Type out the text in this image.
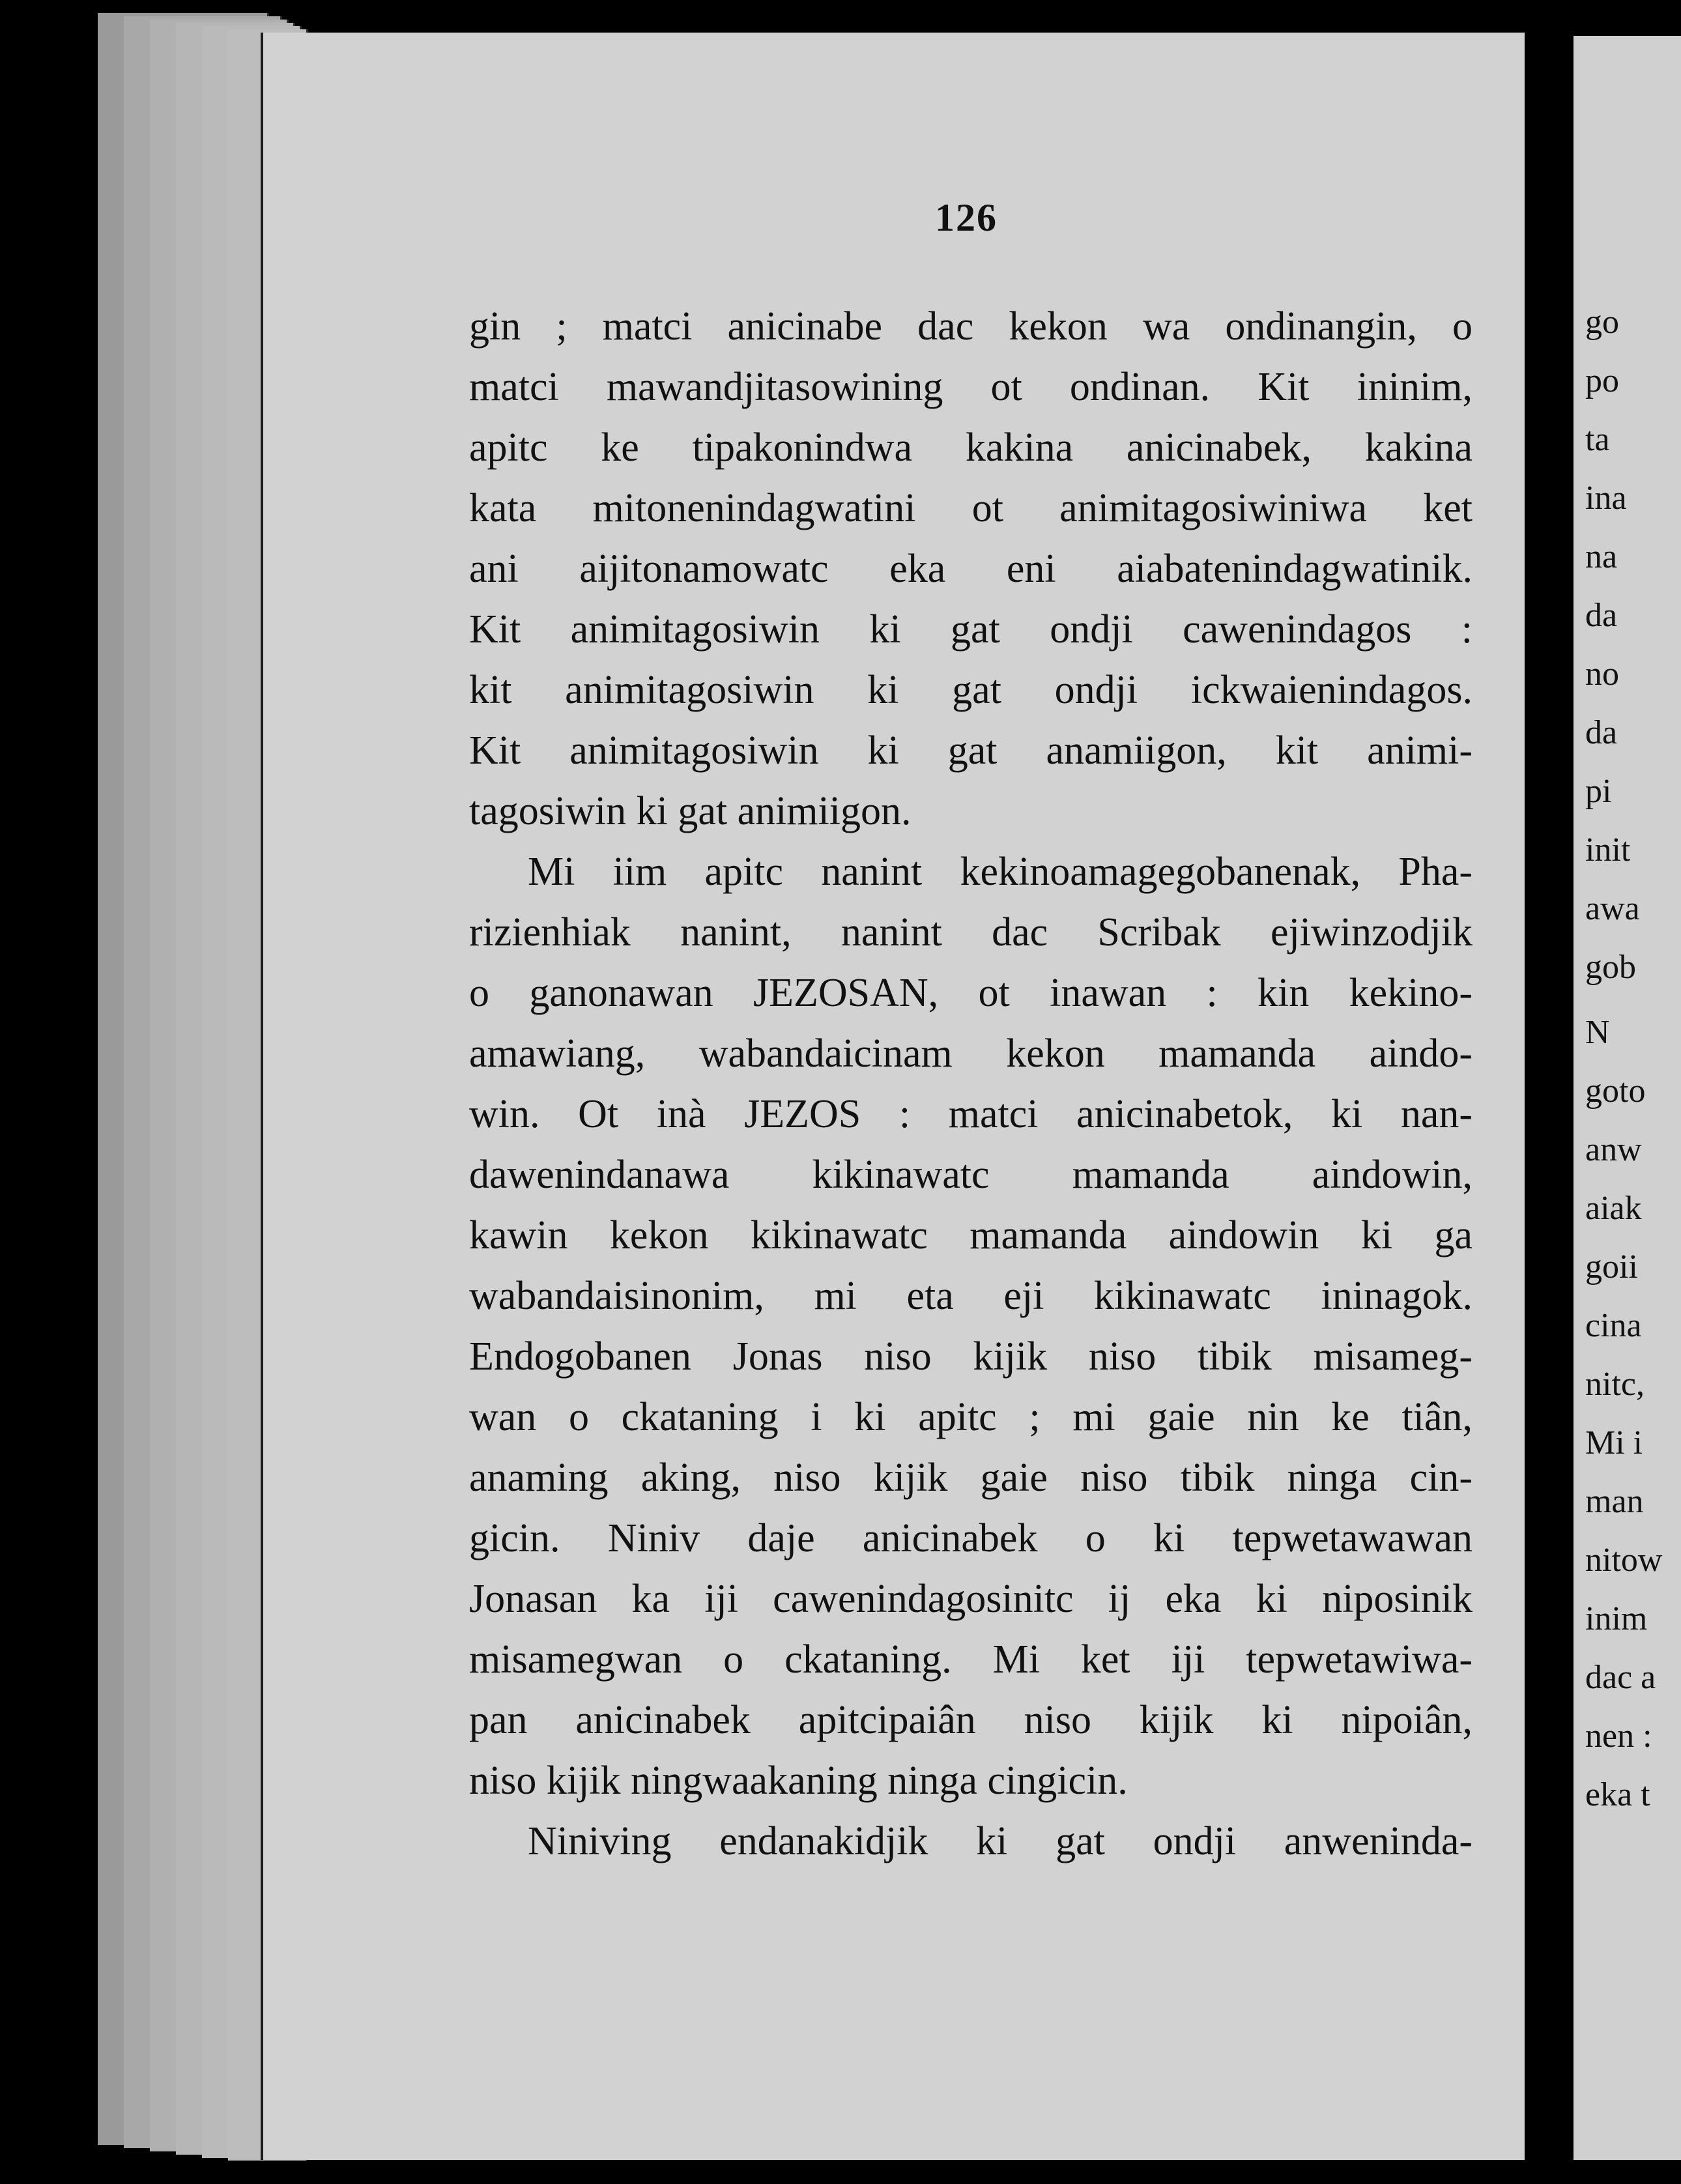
126
gin ; matci anicinabe dac kekon wa ondinangin, o
matci mawandjitasowining ot ondinan. Kit ininim,
apitc ke tipakonindwa kakina anicinabek, kakina
kata mitonenindagwatini ot animitagosiwiniwa ket
ani aijitonamowatc eka eni aiabatenindagwatinik.
Kit animitagosiwin ki gat ondji cawenindagos :
kit animitagosiwin ki gat ondji ickwaienindagos.
Kit animitagosiwin ki gat anamiigon, kit animi-
tagosiwin ki gat animiigon.
Mi iim apitc nanint kekinoamagegobanenak, Pha-
rizienhiak nanint, nanint dac Scribak ejiwinzodjik
o ganonawan JEZOSAN, ot inawan : kin kekino-
amawiang, wabandaicinam kekon mamanda aindo-
win. Ot inà JEZOS : matci anicinabetok, ki nan-
dawenindanawa kikinawatc mamanda aindowin,
kawin kekon kikinawatc mamanda aindowin ki ga
wabandaisinonim, mi eta eji kikinawatc ininagok.
Endogobanen Jonas niso kijik niso tibik misameg-
wan o ckataning i ki apitc ; mi gaie nin ke tiân,
anaming aking, niso kijik gaie niso tibik ninga cin-
gicin. Niniv daje anicinabek o ki tepwetawawan
Jonasan ka iji cawenindagosinitc ij eka ki niposinik
misamegwan o ckataning. Mi ket iji tepwetawiwa-
pan anicinabek apitcipaiân niso kijik ki nipoiân,
niso kijik ningwaakaning ninga cingicin.
Niniving endanakidjik ki gat ondji anweninda-
go
po
ta
ina
na
da
no
da
pi
init
awa
gob
N
goto
anw
aiak
goii
cina
nitc,
Mi i
man
nitow
inim
dac a
nen :
eka t
